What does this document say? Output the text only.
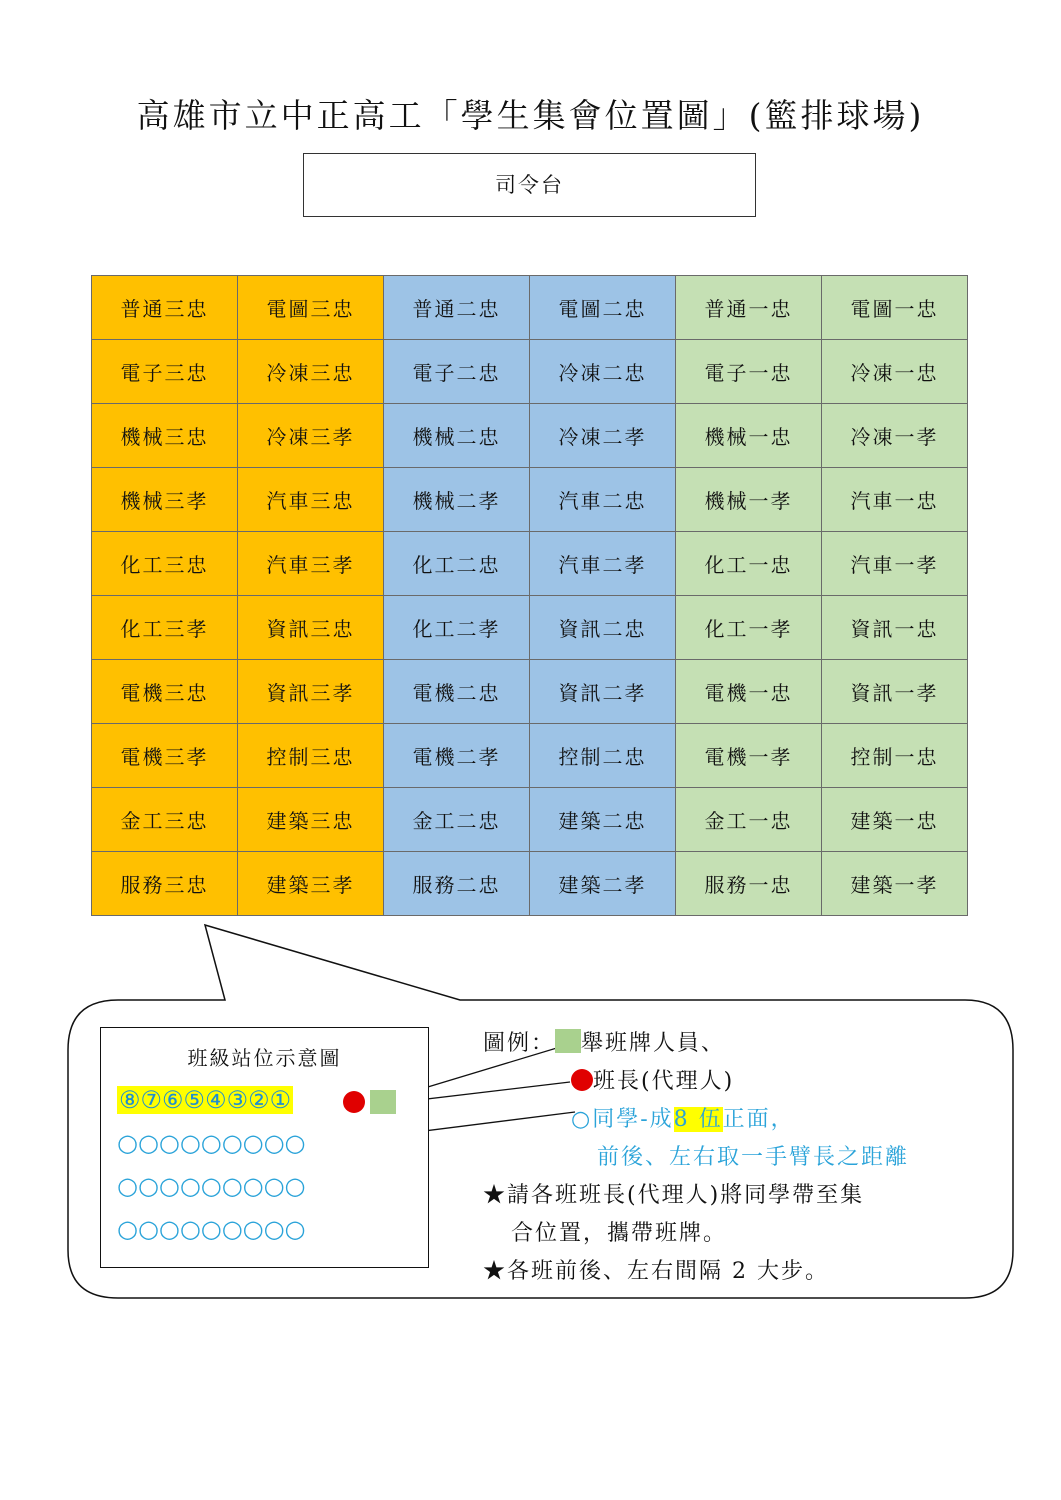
高雄市立中正高工「學生集會位置圖」(籃排球場)
司令台
普通三忠	電圖三忠	普通二忠	電圖二忠	普通一忠	電圖一忠
電子三忠	冷凍三忠	電子二忠	冷凍二忠	電子一忠	冷凍一忠
機械三忠	冷凍三孝	機械二忠	冷凍二孝	機械一忠	冷凍一孝
機械三孝	汽車三忠	機械二孝	汽車二忠	機械一孝	汽車一忠
化工三忠	汽車三孝	化工二忠	汽車二孝	化工一忠	汽車一孝
化工三孝	資訊三忠	化工二孝	資訊二忠	化工一孝	資訊一忠
電機三忠	資訊三孝	電機二忠	資訊二孝	電機一忠	資訊一孝
電機三孝	控制三忠	電機二孝	控制二忠	電機一孝	控制一忠
金工三忠	建築三忠	金工二忠	建築二忠	金工一忠	建築一忠
服務三忠	建築三孝	服務二忠	建築二孝	服務一忠	建築一孝
班級站位示意圖
⑧⑦⑥⑤④③②①
○○○○○○○○○
○○○○○○○○○
○○○○○○○○○
圖例： 舉班牌人員、
班長(代理人)
○同學-成8 伍正面，
前後、左右取一手臂長之距離
★請各班班長(代理人)將同學帶至集
合位置，攜帶班牌。
★各班前後、左右間隔 2 大步。
